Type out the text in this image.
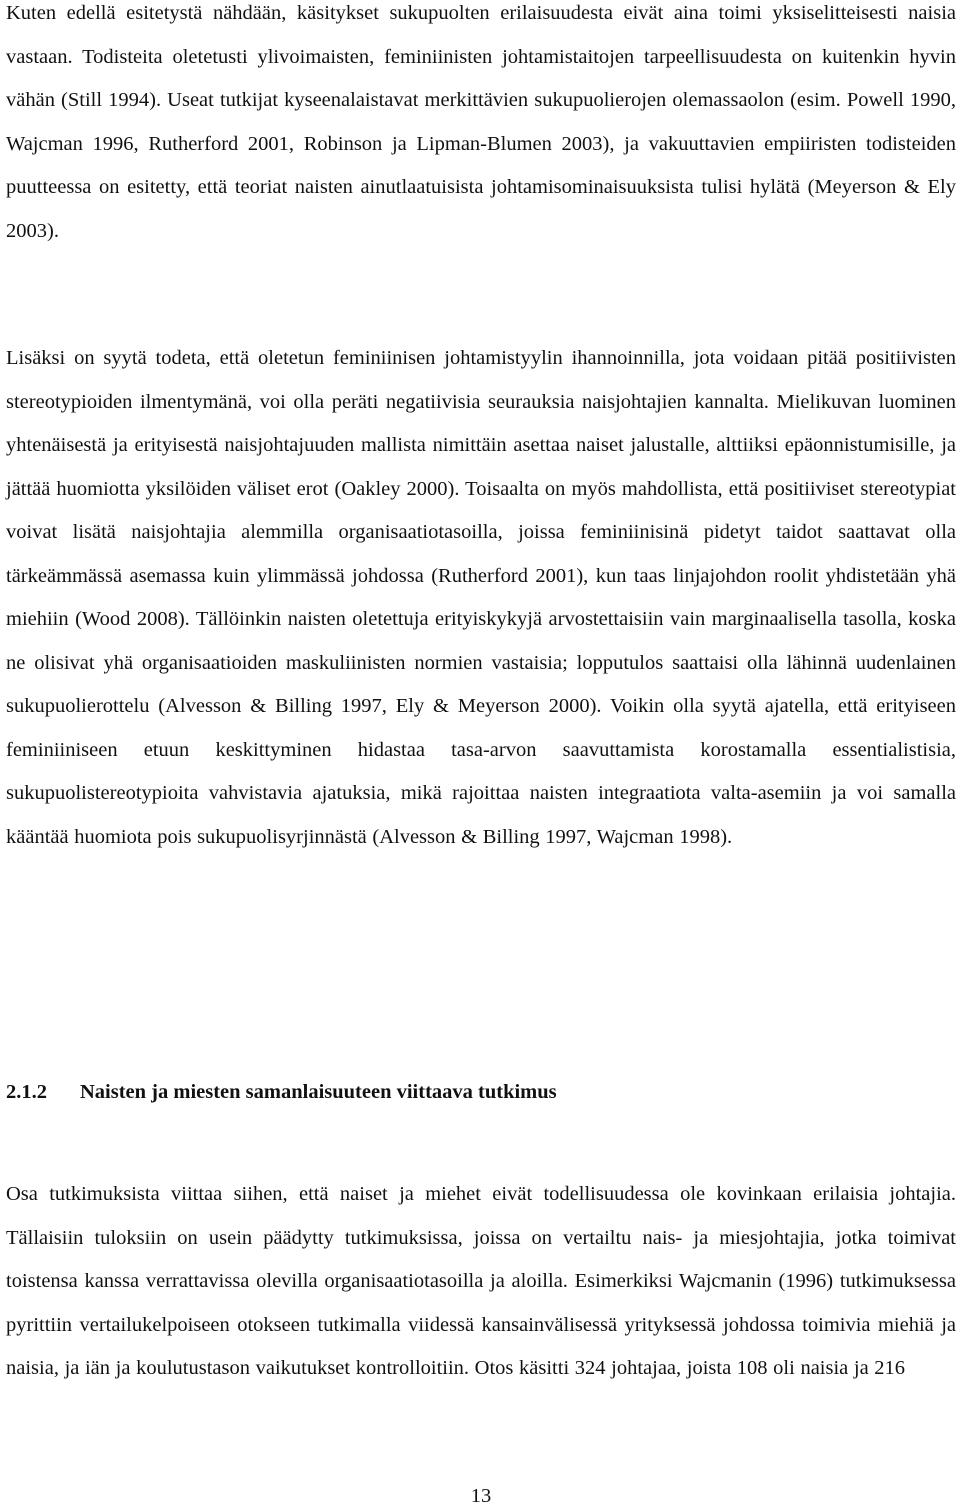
Kuten edellä esitetystä nähdään, käsitykset sukupuolten erilaisuudesta eivät aina toimi yksiselitteisesti naisia vastaan. Todisteita oletetusti ylivoimaisten, feminiinisten johtamistaitojen tarpeellisuudesta on kuitenkin hyvin vähän (Still 1994). Useat tutkijat kyseenalaistavat merkittävien sukupuolierojen olemassaolon (esim. Powell 1990, Wajcman 1996, Rutherford 2001, Robinson ja Lipman-Blumen 2003), ja vakuuttavien empiiristen todisteiden puutteessa on esitetty, että teoriat naisten ainutlaatuisista johtamisominaisuuksista tulisi hylätä (Meyerson & Ely 2003).

Lisäksi on syytä todeta, että oletetun feminiinisen johtamistyylin ihannoinnilla, jota voidaan pitää positiivisten stereotypioiden ilmentymänä, voi olla peräti negatiivisia seurauksia naisjohtajien kannalta. Mielikuvan luominen yhtenäisestä ja erityisestä naisjohtajuuden mallista nimittäin asettaa naiset jalustalle, alttiiksi epäonnistumisille, ja jättää huomiotta yksilöiden väliset erot (Oakley 2000). Toisaalta on myös mahdollista, että positiiviset stereotypiat voivat lisätä naisjohtajia alemmilla organisaatiotasoilla, joissa feminiinisinä pidetyt taidot saattavat olla tärkeämmässä asemassa kuin ylimmässä johdossa (Rutherford 2001), kun taas linjajohdon roolit yhdistetään yhä miehiin (Wood 2008). Tällöinkin naisten oletettuja erityiskykyjä arvostettaisiin vain marginaalisella tasolla, koska ne olisivat yhä organisaatioiden maskuliinisten normien vastaisia; lopputulos saattaisi olla lähinnä uudenlainen sukupuolierottelu (Alvesson & Billing 1997, Ely & Meyerson 2000). Voikin olla syytä ajatella, että erityiseen feminiiniseen etuun keskittyminen hidastaa tasa-arvon saavuttamista korostamalla essentialistisia, sukupuolistereotypioita vahvistavia ajatuksia, mikä rajoittaa naisten integraatiota valta-asemiin ja voi samalla kääntää huomiota pois sukupuolisyrjinnästä (Alvesson & Billing 1997, Wajcman 1998).

2.1.2 Naisten ja miesten samanlaisuuteen viittaava tutkimus

Osa tutkimuksista viittaa siihen, että naiset ja miehet eivät todellisuudessa ole kovinkaan erilaisia johtajia. Tällaisiin tuloksiin on usein päädytty tutkimuksissa, joissa on vertailtu nais- ja miesjohtajia, jotka toimivat toistensa kanssa verrattavissa olevilla organisaatiotasoilla ja aloilla. Esimerkiksi Wajcmanin (1996) tutkimuksessa pyrittiin vertailukelpoiseen otokseen tutkimalla viidessä kansainvälisessä yrityksessä johdossa toimivia miehiä ja naisia, ja iän ja koulutustason vaikutukset kontrolloitiin. Otos käsitti 324 johtajaa, joista 108 oli naisia ja 216

13
